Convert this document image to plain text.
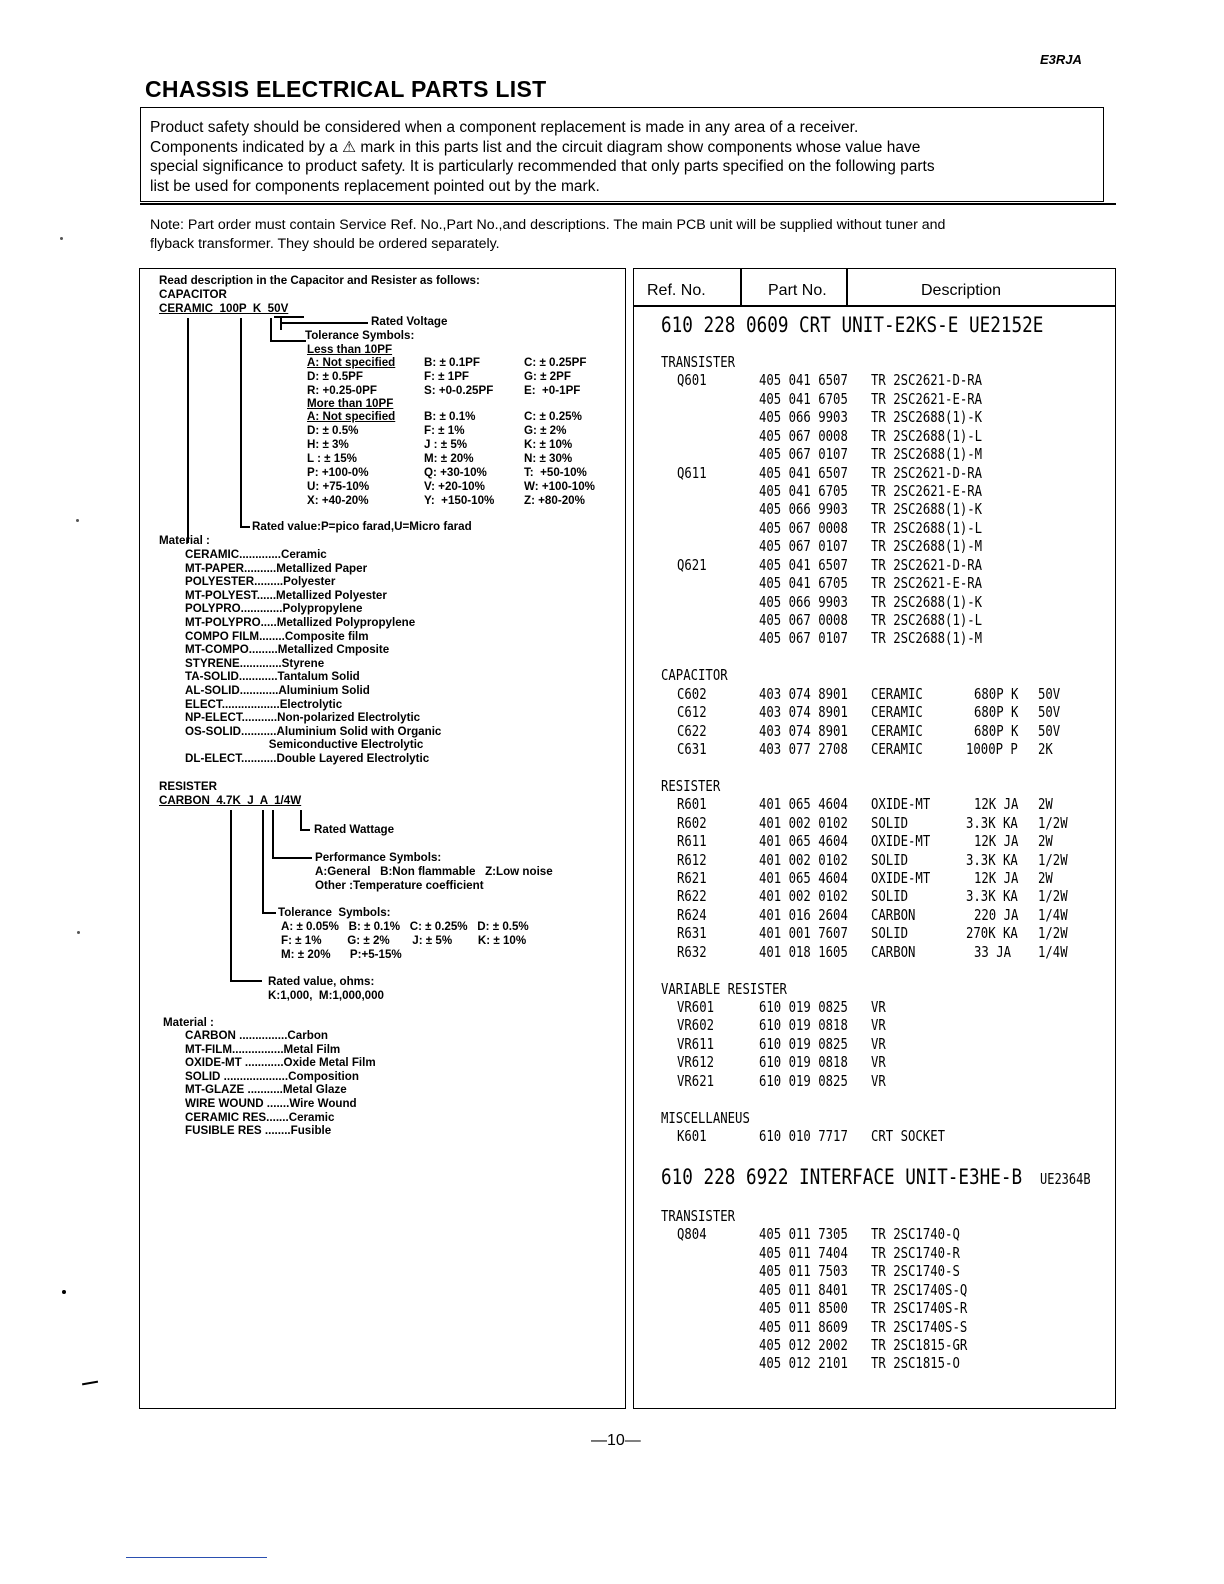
E3RJA
CHASSIS ELECTRICAL PARTS LIST
Product safety should be considered when a component replacement is made in any area of a receiver.
Components indicated by a ⚠ mark in this parts list and the circuit diagram show components whose value have
special significance to product safety. It is particularly recommended that only parts specified on the following parts
list be used for components replacement pointed out by the mark.
Note: Part order must contain Service Ref. No.,Part No.,and descriptions. The main PCB unit will be supplied without tuner and
flyback transformer. They should be ordered separately.
Read description in the Capacitor and Resister as follows:
CAPACITOR
CERAMIC  100P  K  50V
Rated Voltage
Tolerance Symbols:
Less than 10PF
A: Not specified B: ± 0.1PF	C: ± 0.25PF
D: ± 0.5PF	F: ± 1PF	G: ± 2PF
R: +0.25-0PF	S: +0-0.25PF	E:  +0-1PF
More than 10PF
A: Not specified B: ± 0.1%	C: ± 0.25%
D: ± 0.5%	F: ± 1%	G: ± 2%
H: ± 3%	J : ± 5%	K: ± 10%
L : ± 15%	M: ± 20%	N: ± 30%
P: +100-0%	Q: +30-10%	T:  +50-10%
U: +75-10%	V: +20-10%	W: +100-10%
X: +40-20%	Y:  +150-10%	Z: +80-20%
Rated value:P=pico farad,U=Micro farad
Material :
CERAMIC.............Ceramic
MT-PAPER..........Metallized Paper
POLYESTER.........Polyester
MT-POLYEST......Metallized Polyester
POLYPRO.............Polypropylene
MT-POLYPRO.....Metallized Polypropylene
COMPO FILM........Composite film
MT-COMPO.........Metallized Cmposite
STYRENE.............Styrene
TA-SOLID............Tantalum Solid
AL-SOLID............Aluminium Solid
ELECT..................Electrolytic
NP-ELECT...........Non-polarized Electrolytic
OS-SOLID...........Aluminium Solid with Organic
Semiconductive Electrolytic
DL-ELECT...........Double Layered Electrolytic
RESISTER
CARBON  4.7K  J  A  1/4W
Rated Wattage
Performance Symbols:
A:General   B:Non flammable   Z:Low noise
Other :Temperature coefficient
Tolerance  Symbols:
A: ± 0.05%   B: ± 0.1%   C: ± 0.25%   D: ± 0.5%
F: ± 1%        G: ± 2%       J: ± 5%        K: ± 10%
M: ± 20%      P:+5-15%
Rated value, ohms:
K:1,000,  M:1,000,000
Material :
CARBON ...............Carbon
MT-FILM................Metal Film
OXIDE-MT ............Oxide Metal Film
SOLID ....................Composition
MT-GLAZE ...........Metal Glaze
WIRE WOUND .......Wire Wound
CERAMIC RES.......Ceramic
FUSIBLE RES ........Fusible
Ref. No.	Part No.	Description
610 228 0609 CRT UNIT-E2KS-E UE2152E
TRANSISTER
Q601	405 041 6507 TR 2SC2621-D-RA
405 041 6705 TR 2SC2621-E-RA
405 066 9903 TR 2SC2688(1)-K
405 067 0008 TR 2SC2688(1)-L
405 067 0107 TR 2SC2688(1)-M
Q611	405 041 6507 TR 2SC2621-D-RA
405 041 6705 TR 2SC2621-E-RA
405 066 9903 TR 2SC2688(1)-K
405 067 0008 TR 2SC2688(1)-L
405 067 0107 TR 2SC2688(1)-M
Q621	405 041 6507 TR 2SC2621-D-RA
405 041 6705 TR 2SC2621-E-RA
405 066 9903 TR 2SC2688(1)-K
405 067 0008 TR 2SC2688(1)-L
405 067 0107 TR 2SC2688(1)-M
CAPACITOR
C602	403 074 8901 CERAMIC	680P K	50V
C612	403 074 8901 CERAMIC	680P K	50V
C622	403 074 8901 CERAMIC	680P K	50V
C631	403 077 2708 CERAMIC	1000P P	2K
RESISTER
R601	401 065 4604 OXIDE-MT	12K JA	2W
R602	401 002 0102 SOLID	3.3K KA	1/2W
R611	401 065 4604 OXIDE-MT	12K JA	2W
R612	401 002 0102 SOLID	3.3K KA	1/2W
R621	401 065 4604 OXIDE-MT	12K JA	2W
R622	401 002 0102 SOLID	3.3K KA	1/2W
R624	401 016 2604 CARBON	220 JA	1/4W
R631	401 001 7607 SOLID	270K KA	1/2W
R632	401 018 1605 CARBON	33 JA	1/4W
VARIABLE RESISTER
VR601	610 019 0825 VR
VR602	610 019 0818 VR
VR611	610 019 0825 VR
VR612	610 019 0818 VR
VR621	610 019 0825 VR
MISCELLANEUS
K601	610 010 7717 CRT SOCKET
610 228 6922 INTERFACE UNIT-E3HE-B UE2364B
TRANSISTER
Q804	405 011 7305 TR 2SC1740-Q
405 011 7404 TR 2SC1740-R
405 011 7503 TR 2SC1740-S
405 011 8401 TR 2SC1740S-Q
405 011 8500 TR 2SC1740S-R
405 011 8609 TR 2SC1740S-S
405 012 2002 TR 2SC1815-GR
405 012 2101 TR 2SC1815-O
—10—
